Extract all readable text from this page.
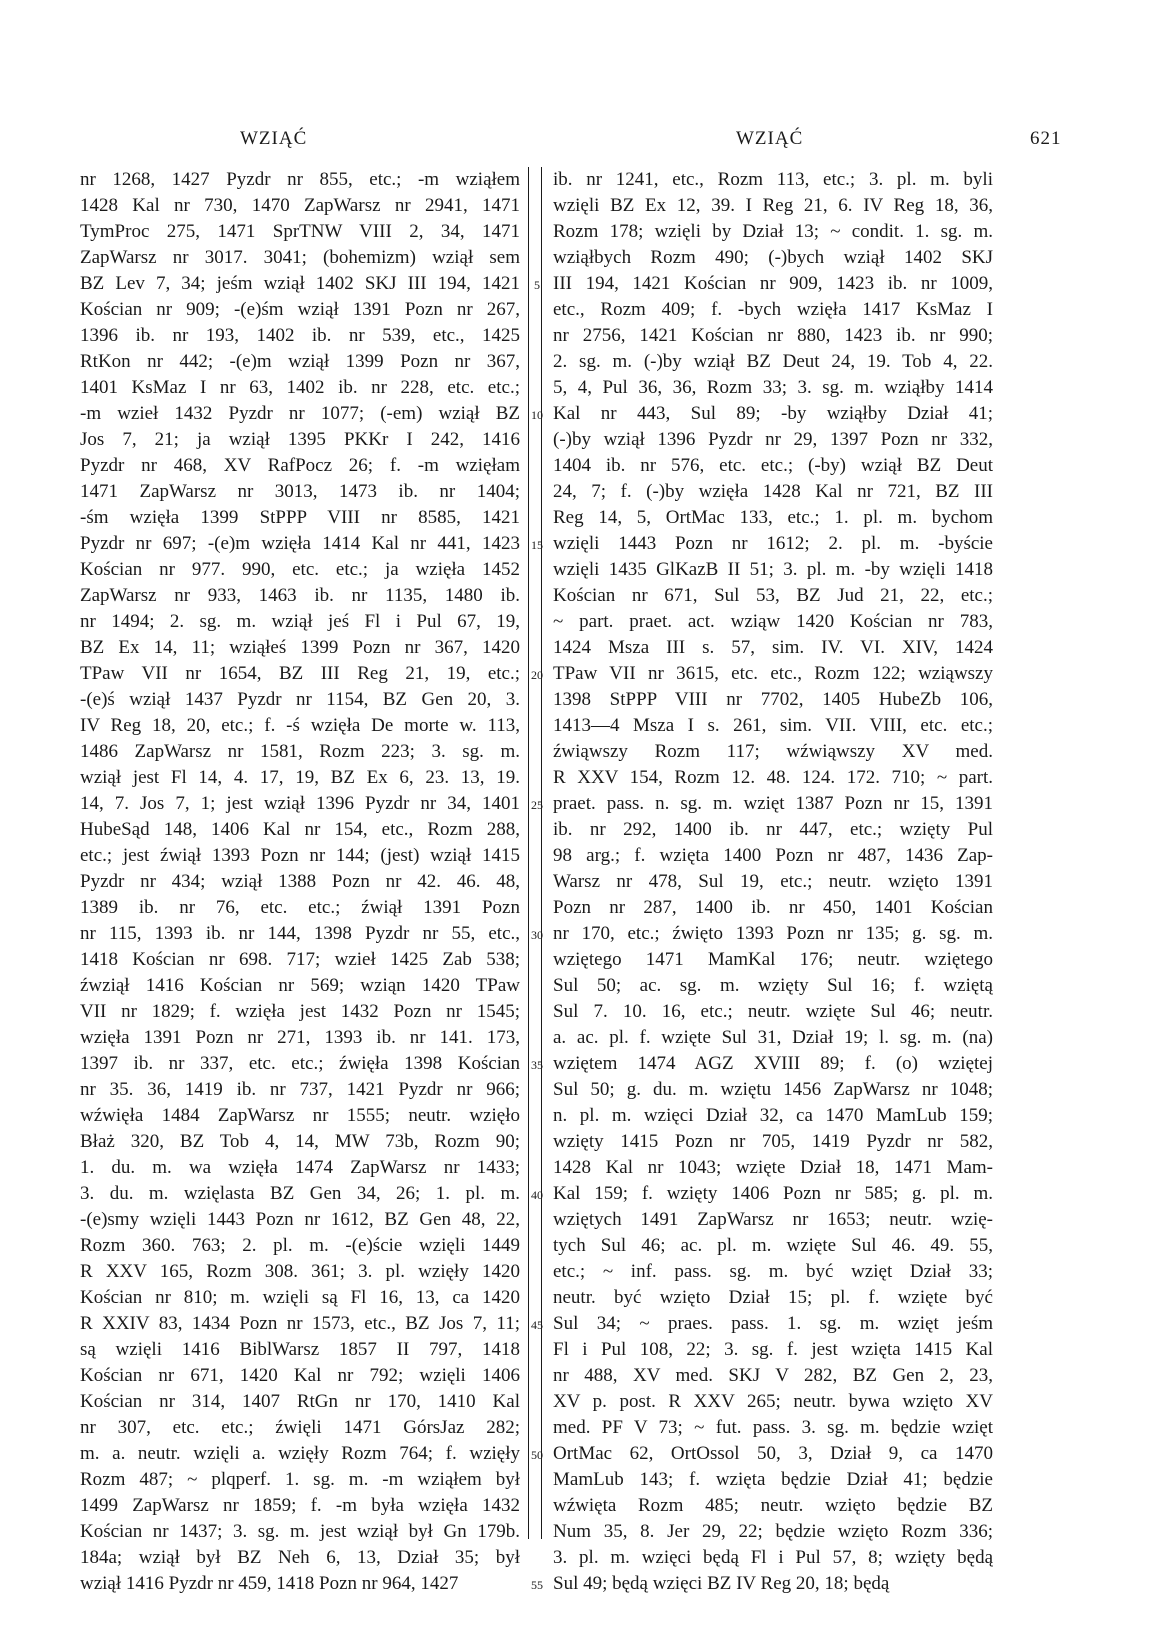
WZIĄĆ	WZIĄĆ	621
nr 1268, 1427 Pyzdr nr 855, etc.; -m wziąłem
1428 Kal nr 730, 1470 ZapWarsz nr 2941, 1471
TymProc 275, 1471 SprTNW VIII 2, 34, 1471
ZapWarsz nr 3017. 3041; (bohemizm) wziął sem
BZ Lev 7, 34; jeśm wziął 1402 SKJ III 194, 1421
Kościan nr 909; -(e)śm wziął 1391 Pozn nr 267,
1396 ib. nr 193, 1402 ib. nr 539, etc., 1425
RtKon nr 442; -(e)m wziął 1399 Pozn nr 367,
1401 KsMaz I nr 63, 1402 ib. nr 228, etc. etc.;
-m wzieł 1432 Pyzdr nr 1077; (-em) wziął BZ
Jos 7, 21; ja wziął 1395 PKKr I 242, 1416
Pyzdr nr 468, XV RafPocz 26; f. -m wzięłam
1471 ZapWarsz nr 3013, 1473 ib. nr 1404;
-śm wzięła 1399 StPPP VIII nr 8585, 1421
Pyzdr nr 697; -(e)m wzięła 1414 Kal nr 441, 1423
Kościan nr 977. 990, etc. etc.; ja wzięła 1452
ZapWarsz nr 933, 1463 ib. nr 1135, 1480 ib.
nr 1494; 2. sg. m. wziął jeś Fl i Pul 67, 19,
BZ Ex 14, 11; wziąłeś 1399 Pozn nr 367, 1420
TPaw VII nr 1654, BZ III Reg 21, 19, etc.;
-(e)ś wziął 1437 Pyzdr nr 1154, BZ Gen 20, 3.
IV Reg 18, 20, etc.; f. -ś wzięła De morte w. 113,
1486 ZapWarsz nr 1581, Rozm 223; 3. sg. m.
wziął jest Fl 14, 4. 17, 19, BZ Ex 6, 23. 13, 19.
14, 7. Jos 7, 1; jest wziął 1396 Pyzdr nr 34, 1401
HubeSąd 148, 1406 Kal nr 154, etc., Rozm 288,
etc.; jest źwiął 1393 Pozn nr 144; (jest) wziął 1415
Pyzdr nr 434; wziął 1388 Pozn nr 42. 46. 48,
1389 ib. nr 76, etc. etc.; źwiął 1391 Pozn
nr 115, 1393 ib. nr 144, 1398 Pyzdr nr 55, etc.,
1418 Kościan nr 698. 717; wzieł 1425 Zab 538;
źwziął 1416 Kościan nr 569; wziąn 1420 TPaw
VII nr 1829; f. wzięła jest 1432 Pozn nr 1545;
wzięła 1391 Pozn nr 271, 1393 ib. nr 141. 173,
1397 ib. nr 337, etc. etc.; źwięła 1398 Kościan
nr 35. 36, 1419 ib. nr 737, 1421 Pyzdr nr 966;
wźwięła 1484 ZapWarsz nr 1555; neutr. wzięło
Błaż 320, BZ Tob 4, 14, MW 73b, Rozm 90;
1. du. m. wa wzięła 1474 ZapWarsz nr 1433;
3. du. m. wzięlasta BZ Gen 34, 26; 1. pl. m.
-(e)smy wzięli 1443 Pozn nr 1612, BZ Gen 48, 22,
Rozm 360. 763; 2. pl. m. -(e)ście wzięli 1449
R XXV 165, Rozm 308. 361; 3. pl. wzięły 1420
Kościan nr 810; m. wzięli są Fl 16, 13, ca 1420
R XXIV 83, 1434 Pozn nr 1573, etc., BZ Jos 7, 11;
są wzięli 1416 BiblWarsz 1857 II 797, 1418
Kościan nr 671, 1420 Kal nr 792; wzięli 1406
Kościan nr 314, 1407 RtGn nr 170, 1410 Kal
nr 307, etc. etc.; źwięli 1471 GórsJaz 282;
m. a. neutr. wzięli a. wzięły Rozm 764; f. wzięły
Rozm 487; ~ plqperf. 1. sg. m. -m wziąłem był
1499 ZapWarsz nr 1859; f. -m była wzięła 1432
Kościan nr 1437; 3. sg. m. jest wziął był Gn 179b.
184a; wziął był BZ Neh 6, 13, Dział 35; był
wziął 1416 Pyzdr nr 459, 1418 Pozn nr 964, 1427
5
10
15
20
25
30
35
40
45
50
55
ib. nr 1241, etc., Rozm 113, etc.; 3. pl. m. byli
wzięli BZ Ex 12, 39. I Reg 21, 6. IV Reg 18, 36,
Rozm 178; wzięli by Dział 13; ~ condit. 1. sg. m.
wziąłbych Rozm 490; (-)bych wziął 1402 SKJ
III 194, 1421 Kościan nr 909, 1423 ib. nr 1009,
etc., Rozm 409; f. -bych wzięła 1417 KsMaz I
nr 2756, 1421 Kościan nr 880, 1423 ib. nr 990;
2. sg. m. (-)by wziął BZ Deut 24, 19. Tob 4, 22.
5, 4, Pul 36, 36, Rozm 33; 3. sg. m. wziąłby 1414
Kal nr 443, Sul 89; -by wziąłby Dział 41;
(-)by wziął 1396 Pyzdr nr 29, 1397 Pozn nr 332,
1404 ib. nr 576, etc. etc.; (-by) wziął BZ Deut
24, 7; f. (-)by wzięła 1428 Kal nr 721, BZ III
Reg 14, 5, OrtMac 133, etc.; 1. pl. m. bychom
wzięli 1443 Pozn nr 1612; 2. pl. m. -byście
wzięli 1435 GlKazB II 51; 3. pl. m. -by wzięli 1418
Kościan nr 671, Sul 53, BZ Jud 21, 22, etc.;
~ part. praet. act. wziąw 1420 Kościan nr 783,
1424 Msza III s. 57, sim. IV. VI. XIV, 1424
TPaw VII nr 3615, etc. etc., Rozm 122; wziąwszy
1398 StPPP VIII nr 7702, 1405 HubeZb 106,
1413—4 Msza I s. 261, sim. VII. VIII, etc. etc.;
źwiąwszy Rozm 117; wźwiąwszy XV med.
R XXV 154, Rozm 12. 48. 124. 172. 710; ~ part.
praet. pass. n. sg. m. wzięt 1387 Pozn nr 15, 1391
ib. nr 292, 1400 ib. nr 447, etc.; wzięty Pul
98 arg.; f. wzięta 1400 Pozn nr 487, 1436 Zap-
Warsz nr 478, Sul 19, etc.; neutr. wzięto 1391
Pozn nr 287, 1400 ib. nr 450, 1401 Kościan
nr 170, etc.; źwięto 1393 Pozn nr 135; g. sg. m.
wziętego 1471 MamKal 176; neutr. wziętego
Sul 50; ac. sg. m. wzięty Sul 16; f. wziętą
Sul 7. 10. 16, etc.; neutr. wzięte Sul 46; neutr.
a. ac. pl. f. wzięte Sul 31, Dział 19; l. sg. m. (na)
wziętem 1474 AGZ XVIII 89; f. (o) wziętej
Sul 50; g. du. m. wziętu 1456 ZapWarsz nr 1048;
n. pl. m. wzięci Dział 32, ca 1470 MamLub 159;
wzięty 1415 Pozn nr 705, 1419 Pyzdr nr 582,
1428 Kal nr 1043; wzięte Dział 18, 1471 Mam-
Kal 159; f. wzięty 1406 Pozn nr 585; g. pl. m.
wziętych 1491 ZapWarsz nr 1653; neutr. wzię-
tych Sul 46; ac. pl. m. wzięte Sul 46. 49. 55,
etc.; ~ inf. pass. sg. m. być wzięt Dział 33;
neutr. być wzięto Dział 15; pl. f. wzięte być
Sul 34; ~ praes. pass. 1. sg. m. wzięt jeśm
Fl i Pul 108, 22; 3. sg. f. jest wzięta 1415 Kal
nr 488, XV med. SKJ V 282, BZ Gen 2, 23,
XV p. post. R XXV 265; neutr. bywa wzięto XV
med. PF V 73; ~ fut. pass. 3. sg. m. będzie wzięt
OrtMac 62, OrtOssol 50, 3, Dział 9, ca 1470
MamLub 143; f. wzięta będzie Dział 41; będzie
wźwięta Rozm 485; neutr. wzięto będzie BZ
Num 35, 8. Jer 29, 22; będzie wzięto Rozm 336;
3. pl. m. wzięci będą Fl i Pul 57, 8; wzięty będą
Sul 49; będą wzięci BZ IV Reg 20, 18; będą
